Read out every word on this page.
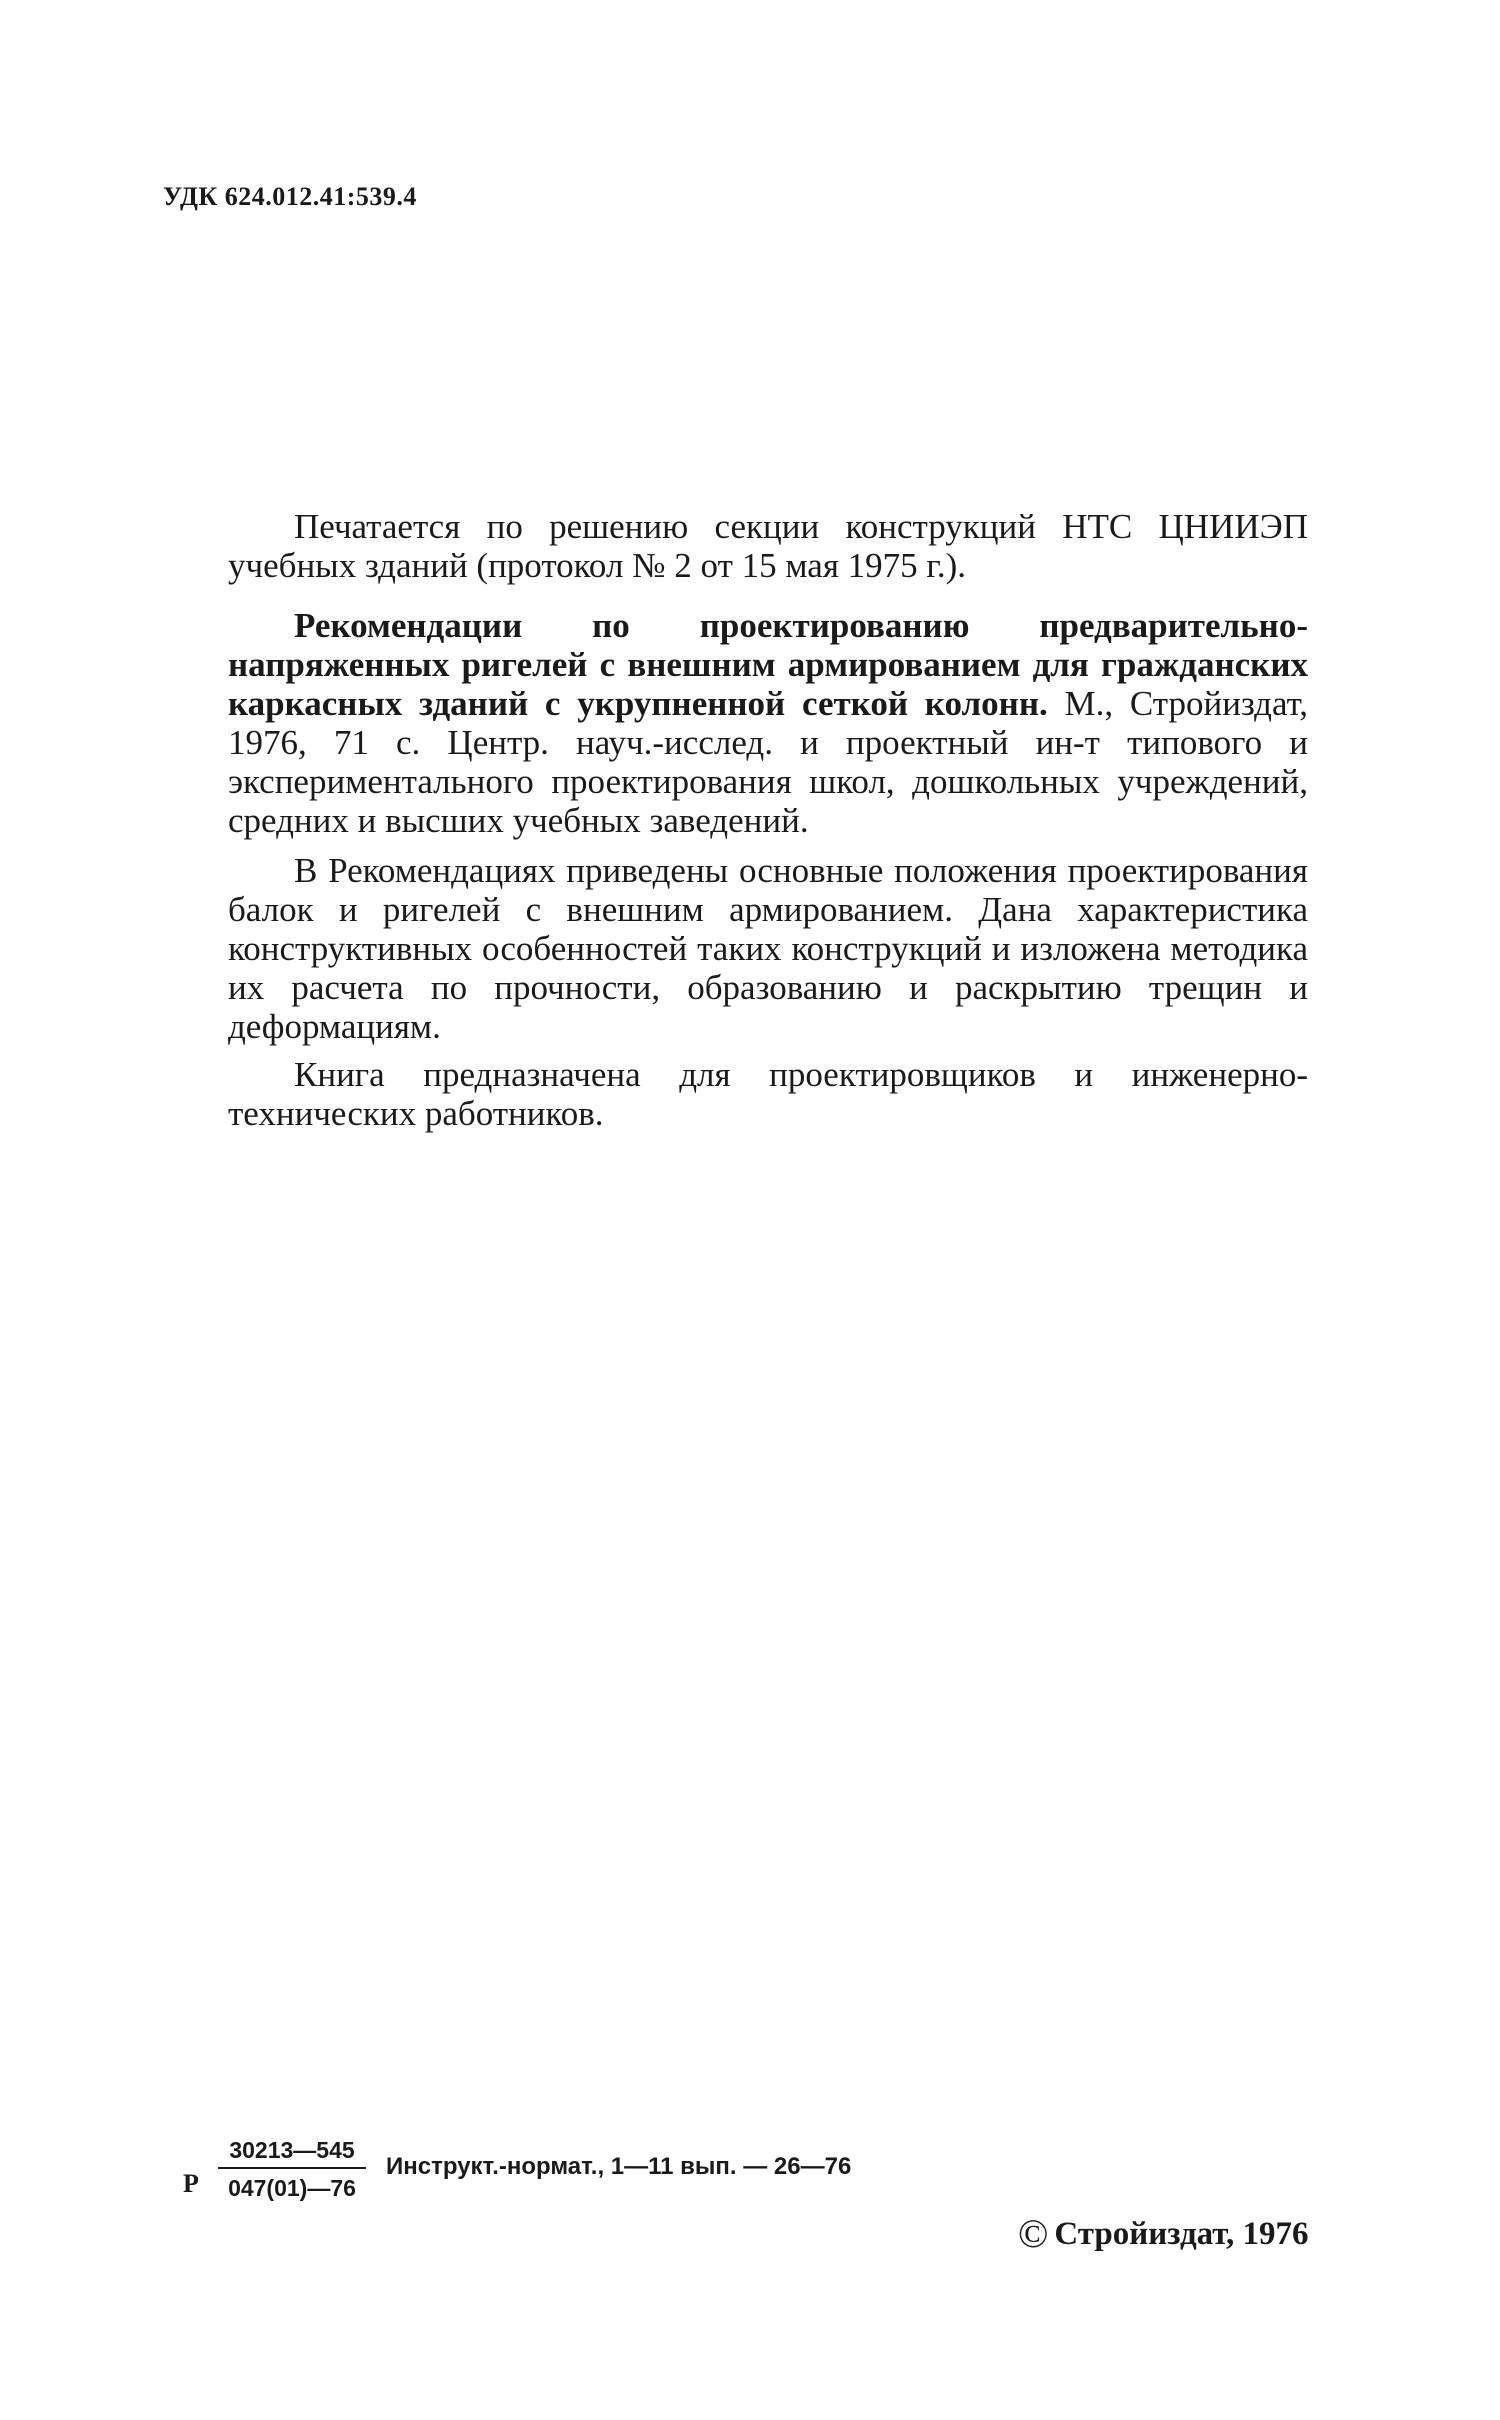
УДК 624.012.41:539.4

Печатается по решению секции конструкций НТС ЦНИИЭП учебных зданий (протокол № 2 от 15 мая 1975 г.).

Рекомендации по проектированию предварительно-напряженных ригелей с внешним армированием для гражданских каркасных зданий с укрупненной сеткой колонн. М., Стройиздат, 1976, 71 с. Центр. науч.-исслед. и проектный ин-т типового и экспериментального проектирования школ, дошкольных учреждений, средних и высших учебных заведений.

В Рекомендациях приведены основные положения проектирования балок и ригелей с внешним армированием. Дана характеристика конструктивных особенностей таких конструкций и изложена методика их расчета по прочности, образованию и раскрытию трещин и деформациям.

Книга предназначена для проектировщиков и инженерно-технических работников.

Р
30213—545
047(01)—76
Инструкт.-нормат., 1—11 вып. — 26—76
© Стройиздат, 1976
